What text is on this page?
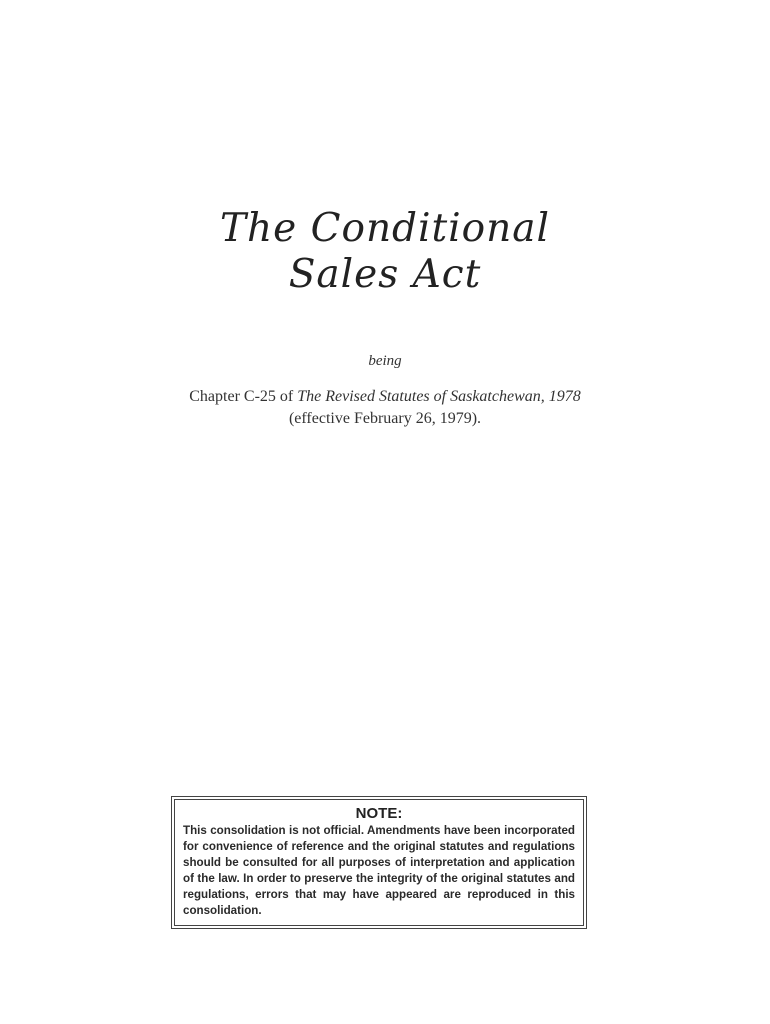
The Conditional
Sales Act
being
Chapter C-25 of The Revised Statutes of Saskatchewan, 1978
(effective February 26, 1979).
NOTE:
This consolidation is not official. Amendments have been incorporated for convenience of reference and the original statutes and regulations should be consulted for all purposes of interpretation and application of the law. In order to preserve the integrity of the original statutes and regulations, errors that may have appeared are reproduced in this consolidation.
